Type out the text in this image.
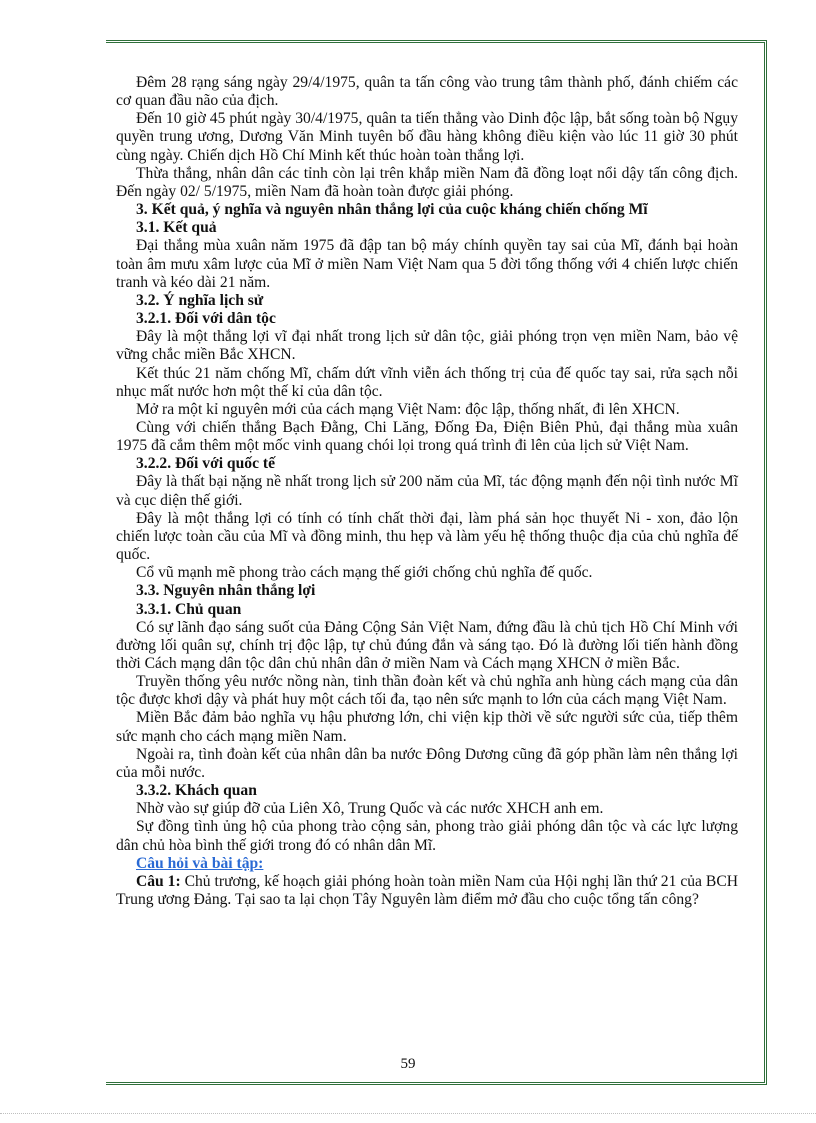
Đêm 28 rạng sáng ngày 29/4/1975, quân ta tấn công vào trung tâm thành phố, đánh chiếm các cơ quan đầu não của địch.

Đến 10 giờ 45 phút ngày 30/4/1975, quân ta tiến thẳng vào Dinh độc lập, bắt sống toàn bộ Ngụy quyền trung ương, Dương Văn Minh tuyên bố đầu hàng không điều kiện vào lúc 11 giờ 30 phút cùng ngày. Chiến dịch Hồ Chí Minh kết thúc hoàn toàn thắng lợi.

Thừa thắng, nhân dân các tỉnh còn lại trên khắp miền Nam đã đồng loạt nổi dậy tấn công địch. Đến ngày 02/ 5/1975, miền Nam đã hoàn toàn được giải phóng.

3. Kết quả, ý nghĩa và nguyên nhân thắng lợi của cuộc kháng chiến chống Mĩ

3.1. Kết quả

Đại thắng mùa xuân năm 1975 đã đập tan bộ máy chính quyền tay sai của Mĩ, đánh bại hoàn toàn âm mưu xâm lược của Mĩ ở miền Nam Việt Nam qua 5 đời tổng thống với 4 chiến lược chiến tranh và kéo dài 21 năm.

3.2. Ý nghĩa lịch sử

3.2.1. Đối với dân tộc

Đây là một thắng lợi vĩ đại nhất trong lịch sử dân tộc, giải phóng trọn vẹn miền Nam, bảo vệ vững chắc miền Bắc XHCN.

Kết thúc 21 năm chống Mĩ, chấm dứt vĩnh viễn ách thống trị của đế quốc tay sai, rửa sạch nỗi nhục mất nước hơn một thế kỉ của dân tộc.

Mở ra một kỉ nguyên mới của cách mạng Việt Nam: độc lập, thống nhất, đi lên XHCN.

Cùng với chiến thắng Bạch Đằng, Chi Lăng, Đống Đa, Điện Biên Phủ, đại thắng mùa xuân 1975 đã cắm thêm một mốc vinh quang chói lọi trong quá trình đi lên của lịch sử Việt Nam.

3.2.2. Đối với quốc tế

Đây là thất bại nặng nề nhất trong lịch sử 200 năm của Mĩ, tác động mạnh đến nội tình nước Mĩ và cục diện thế giới.

Đây là một thắng lợi có tính có tính chất thời đại, làm phá sản học thuyết Ni - xon, đảo lộn chiến lược toàn cầu của Mĩ và đồng minh, thu hẹp và làm yếu hệ thống thuộc địa của chủ nghĩa đế quốc.

Cổ vũ mạnh mẽ phong trào cách mạng thế giới chống chủ nghĩa đế quốc.

3.3. Nguyên nhân thắng lợi

3.3.1. Chủ quan

Có sự lãnh đạo sáng suốt của Đảng Cộng Sản Việt Nam, đứng đầu là chủ tịch Hồ Chí Minh với đường lối quân sự, chính trị độc lập, tự chủ đúng đắn và sáng tạo. Đó là đường lối tiến hành đồng thời Cách mạng dân tộc dân chủ nhân dân ở miền Nam và Cách mạng XHCN ở miền Bắc.

Truyền thống yêu nước nồng nàn, tinh thần đoàn kết và chủ nghĩa anh hùng cách mạng của dân tộc được khơi dậy và phát huy một cách tối đa, tạo nên sức mạnh to lớn của cách mạng Việt Nam.

Miền Bắc đảm bảo nghĩa vụ hậu phương lớn, chi viện kịp thời về sức người sức của, tiếp thêm sức mạnh cho cách mạng miền Nam.

Ngoài ra, tình đoàn kết của nhân dân ba nước Đông Dương cũng đã góp phần làm nên thắng lợi của mỗi nước.

3.3.2. Khách quan

Nhờ vào sự giúp đỡ của Liên Xô, Trung Quốc và các nước XHCH anh em.

Sự đồng tình ủng hộ của phong trào cộng sản, phong trào giải phóng dân tộc và các lực lượng dân chủ hòa bình thế giới trong đó có nhân dân Mĩ.

Câu hỏi và bài tập:

Câu 1: Chủ trương, kế hoạch giải phóng hoàn toàn miền Nam của Hội nghị lần thứ 21 của BCH Trung ương Đảng. Tại sao ta lại chọn Tây Nguyên làm điểm mở đầu cho cuộc tổng tấn công?

59
